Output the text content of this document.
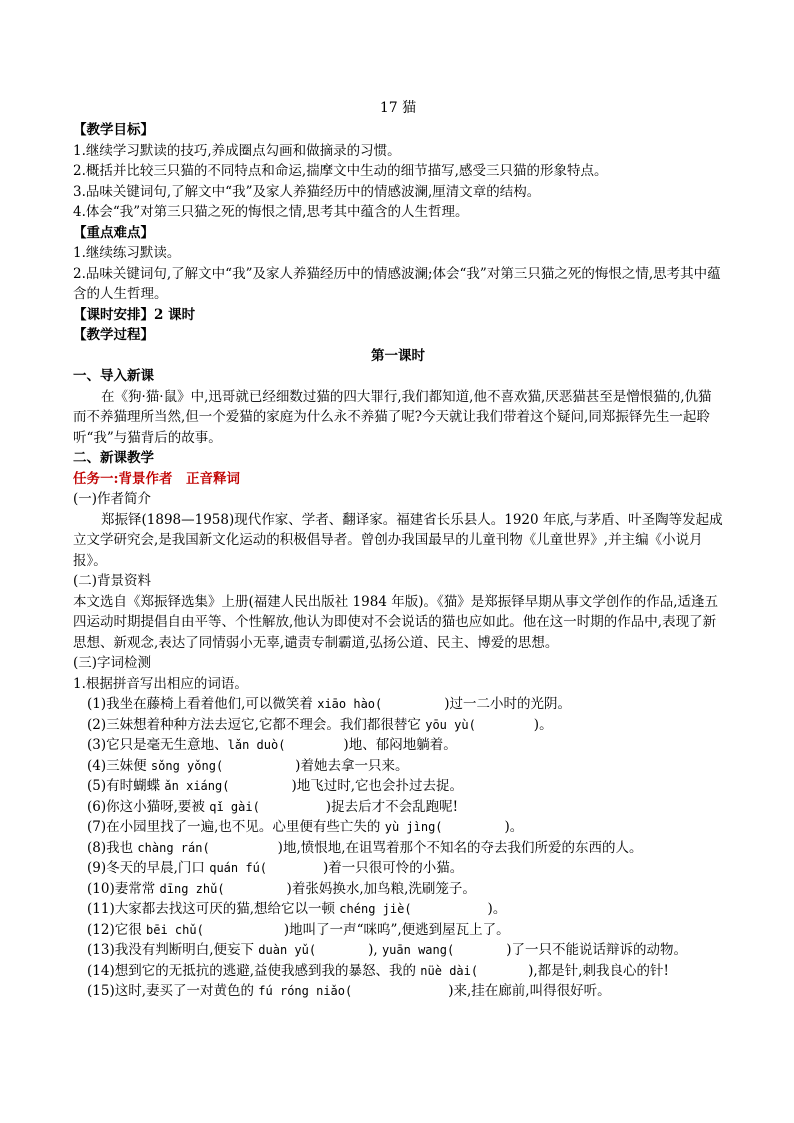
17 猫

【教学目标】

1.继续学习默读的技巧,养成圈点勾画和做摘录的习惯。

2.概括并比较三只猫的不同特点和命运,揣摩文中生动的细节描写,感受三只猫的形象特点。

3.品味关键词句,了解文中“我”及家人养猫经历中的情感波澜,厘清文章的结构。

4.体会“我”对第三只猫之死的悔恨之情,思考其中蕴含的人生哲理。

【重点难点】

1.继续练习默读。

2.品味关键词句,了解文中“我”及家人养猫经历中的情感波澜;体会“我”对第三只猫之死的悔恨之情,思考其中蕴含的人生哲理。

【课时安排】2 课时

【教学过程】

第一课时

一、导入新课

在《狗·猫·鼠》中,迅哥就已经细数过猫的四大罪行,我们都知道,他不喜欢猫,厌恶猫甚至是憎恨猫的,仇猫而不养猫理所当然,但一个爱猫的家庭为什么永不养猫了呢?今天就让我们带着这个疑问,同郑振铎先生一起聆听“我”与猫背后的故事。

二、新课教学

任务一:背景作者　正音释词

(一)作者简介

郑振铎(1898—1958)现代作家、学者、翻译家。福建省长乐县人。1920 年底,与茅盾、叶圣陶等发起成立文学研究会,是我国新文化运动的积极倡导者。曾创办我国最早的儿童刊物《儿童世界》,并主编《小说月报》。

(二)背景资料

本文选自《郑振铎选集》上册(福建人民出版社 1984 年版)。《猫》是郑振铎早期从事文学创作的作品,适逢五四运动时期提倡自由平等、个性解放,他认为即使对不会说话的猫也应如此。他在这一时期的作品中,表现了新思想、新观念,表达了同情弱小无辜,谴责专制霸道,弘扬公道、民主、博爱的思想。

(三)字词检测

1.根据拼音写出相应的词语。

(1)我坐在藤椅上看着他们,可以微笑着 xiāo hào(	)过一二小时的光阴。

(2)三妹想着种种方法去逗它,它都不理会。我们都很替它 yōu yù(	)。

(3)它只是毫无生意地、lǎn duò(	)地、郁闷地躺着。

(4)三妹便 sǒng yǒng(	)着她去拿一只来。

(5)有时蝴蝶 ǎn xiáng(	)地飞过时,它也会扑过去捉。

(6)你这小猫呀,要被 qǐ gài(	)捉去后才不会乱跑呢!

(7)在小园里找了一遍,也不见。心里便有些亡失的 yù jìng(	)。

(8)我也 chàng rán(	)地,愤恨地,在诅骂着那个不知名的夺去我们所爱的东西的人。

(9)冬天的早晨,门口 quán fú(	)着一只很可怜的小猫。

(10)妻常常 dīng zhǔ(	)着张妈换水,加鸟粮,洗刷笼子。

(11)大家都去找这可厌的猫,想给它以一顿 chéng jiè(	)。

(12)它很 bēi chǔ(	)地叫了一声“咪呜”,便逃到屋瓦上了。

(13)我没有判断明白,便妄下 duàn yǔ(	), yuān wang(	)了一只不能说话辩诉的动物。

(14)想到它的无抵抗的逃避,益使我感到我的暴怒、我的 nüè dài(	),都是针,刺我良心的针!

(15)这时,妻买了一对黄色的 fú róng niǎo(	)来,挂在廊前,叫得很好听。
